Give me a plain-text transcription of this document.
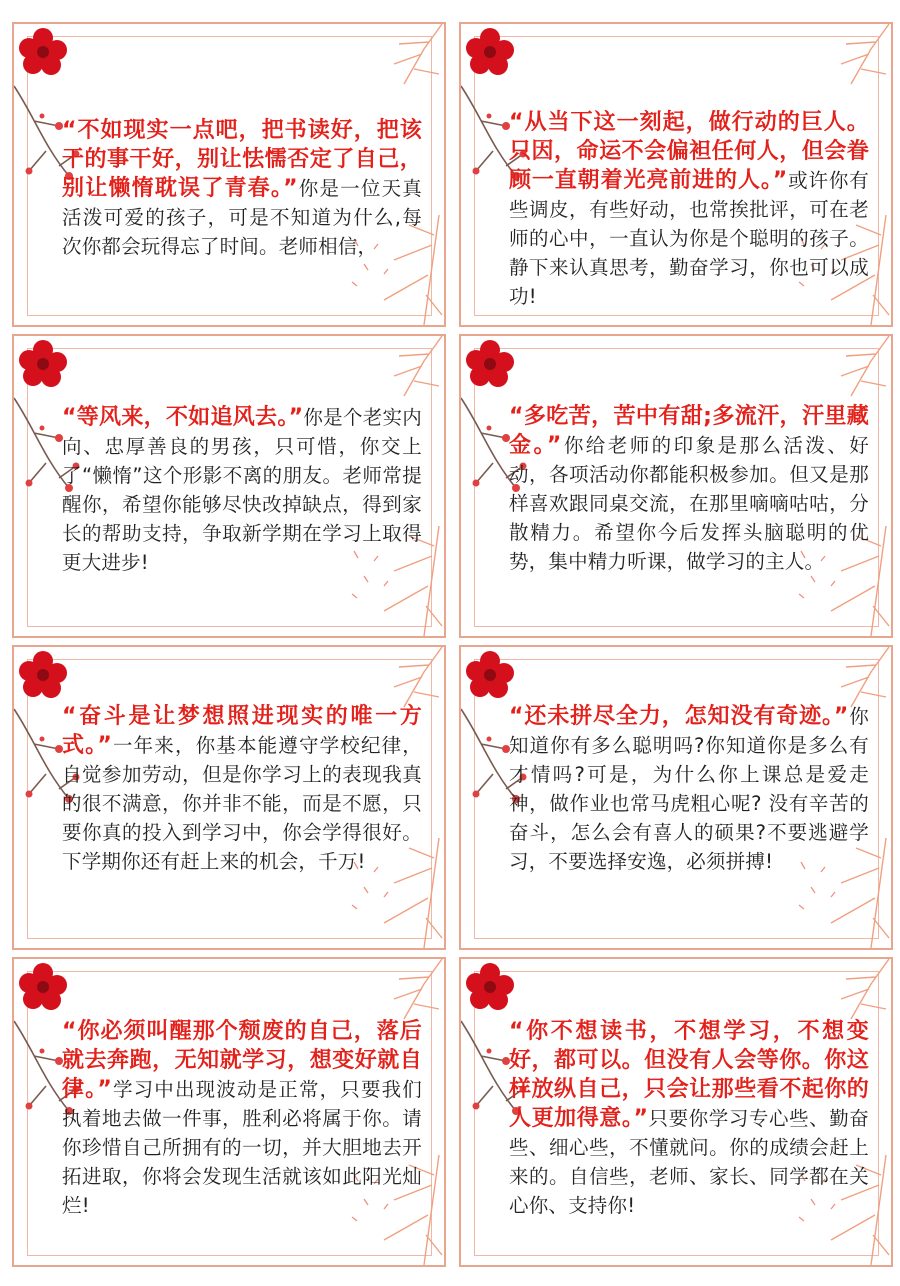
“不如现实一点吧，把书读好，把该干的事干好，别让怯懦否定了自己，别让懒惰耽误了青春。”你是一位天真活泼可爱的孩子，可是不知道为什么,每次你都会玩得忘了时间。老师相信，
“从当下这一刻起，做行动的巨人。只因，命运不会偏袒任何人，但会眷顾一直朝着光亮前进的人。”或许你有些调皮，有些好动，也常挨批评，可在老师的心中，一直认为你是个聪明的孩子。静下来认真思考，勤奋学习，你也可以成功!
“等风来，不如追风去。”你是个老实内向、忠厚善良的男孩，只可惜，你交上了“懒惰”这个形影不离的朋友。老师常提醒你，希望你能够尽快改掉缺点，得到家长的帮助支持，争取新学期在学习上取得更大进步!
“多吃苦，苦中有甜;多流汗，汗里藏金。”你给老师的印象是那么活泼、好动，各项活动你都能积极参加。但又是那样喜欢跟同桌交流，在那里嘀嘀咕咕，分散精力。希望你今后发挥头脑聪明的优势，集中精力听课，做学习的主人。
“奋斗是让梦想照进现实的唯一方式。”一年来，你基本能遵守学校纪律，自觉参加劳动，但是你学习上的表现我真的很不满意，你并非不能，而是不愿，只要你真的投入到学习中，你会学得很好。下学期你还有赶上来的机会，千万!
“还未拼尽全力，怎知没有奇迹。”你知道你有多么聪明吗?你知道你是多么有才情吗?可是，为什么你上课总是爱走神，做作业也常马虎粗心呢? 没有辛苦的奋斗，怎么会有喜人的硕果?不要逃避学习，不要选择安逸，必须拼搏!
“你必须叫醒那个颓废的自己，落后就去奔跑，无知就学习，想变好就自律。”学习中出现波动是正常，只要我们执着地去做一件事，胜利必将属于你。请你珍惜自己所拥有的一切，并大胆地去开拓进取，你将会发现生活就该如此阳光灿烂!
“你不想读书，不想学习，不想变好，都可以。但没有人会等你。你这样放纵自己，只会让那些看不起你的人更加得意。”只要你学习专心些、勤奋些、细心些，不懂就问。你的成绩会赶上来的。自信些，老师、家长、同学都在关心你、支持你!
